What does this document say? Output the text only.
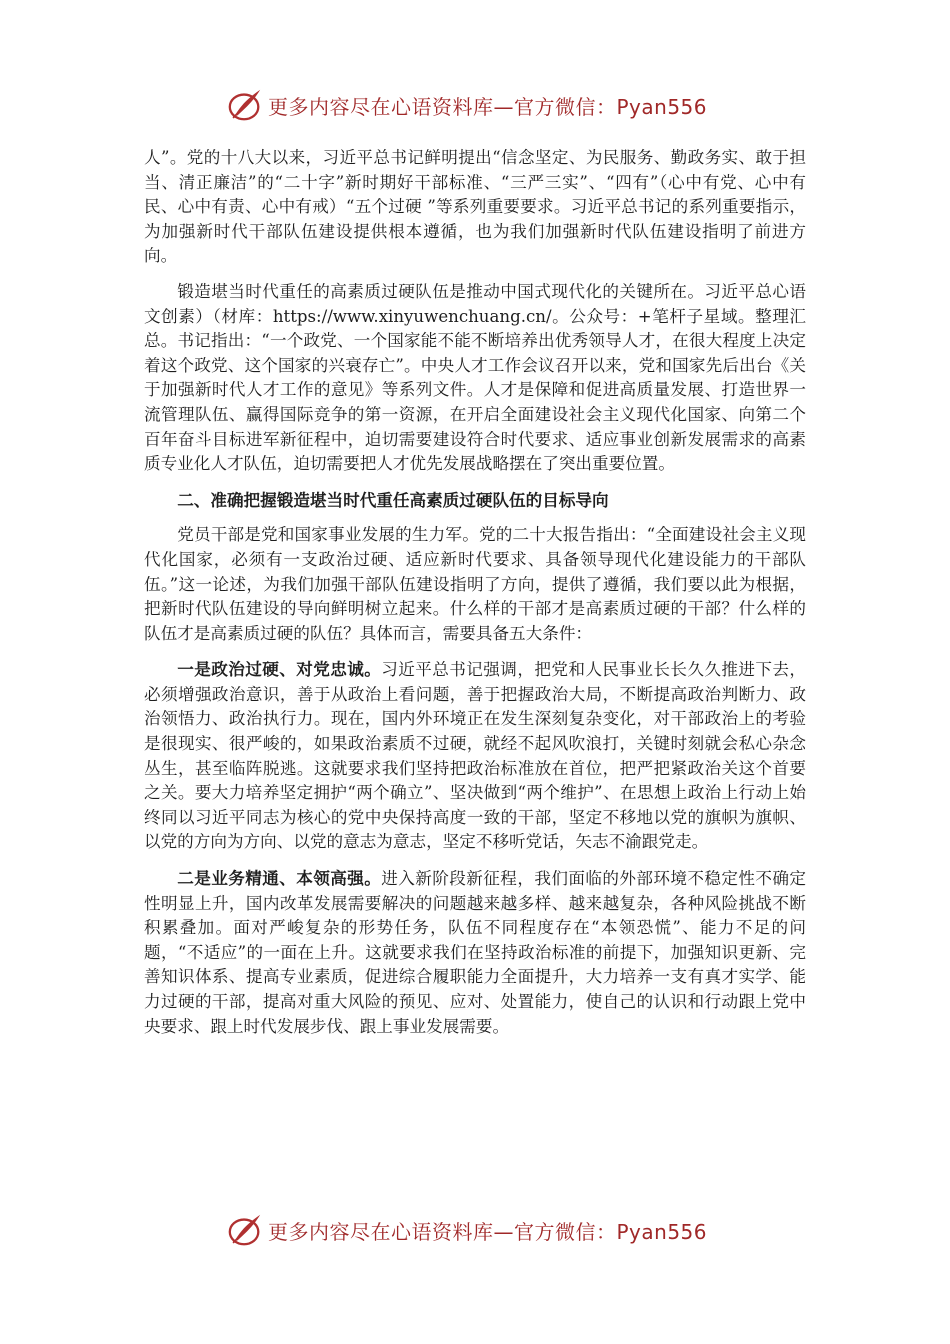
更多内容尽在心语资料库—官方微信：Pyan556

人”。党的十八大以来，习近平总书记鲜明提出“信念坚定、为民服务、勤政务实、敢于担当、清正廉洁”的“二十字”新时期好干部标准、“三严三实”、“四有”（心中有党、心中有民、心中有责、心中有戒）“五个过硬 ”等系列重要要求。习近平总书记的系列重要指示，为加强新时代干部队伍建设提供根本遵循，也为我们加强新时代队伍建设指明了前进方向。

锻造堪当时代重任的高素质过硬队伍是推动中国式现代化的关键所在。习近平总心语文创素）（材库：https://www.xinyuwenchuang.cn/。公众号：+笔杆子星域。整理汇总。书记指出：“一个政党、一个国家能不能不断培养出优秀领导人才，在很大程度上决定着这个政党、这个国家的兴衰存亡”。中央人才工作会议召开以来，党和国家先后出台《关于加强新时代人才工作的意见》等系列文件。人才是保障和促进高质量发展、打造世界一流管理队伍、赢得国际竞争的第一资源，在开启全面建设社会主义现代化国家、向第二个百年奋斗目标进军新征程中，迫切需要建设符合时代要求、适应事业创新发展需求的高素质专业化人才队伍，迫切需要把人才优先发展战略摆在了突出重要位置。

二、准确把握锻造堪当时代重任高素质过硬队伍的目标导向

党员干部是党和国家事业发展的生力军。党的二十大报告指出：“全面建设社会主义现代化国家，必须有一支政治过硬、适应新时代要求、具备领导现代化建设能力的干部队伍。”这一论述，为我们加强干部队伍建设指明了方向，提供了遵循，我们要以此为根据，把新时代队伍建设的导向鲜明树立起来。什么样的干部才是高素质过硬的干部？什么样的队伍才是高素质过硬的队伍？具体而言，需要具备五大条件：

一是政治过硬、对党忠诚。习近平总书记强调，把党和人民事业长长久久推进下去，必须增强政治意识，善于从政治上看问题，善于把握政治大局，不断提高政治判断力、政治领悟力、政治执行力。现在，国内外环境正在发生深刻复杂变化，对干部政治上的考验是很现实、很严峻的，如果政治素质不过硬，就经不起风吹浪打，关键时刻就会私心杂念丛生，甚至临阵脱逃。这就要求我们坚持把政治标准放在首位，把严把紧政治关这个首要之关。要大力培养坚定拥护“两个确立”、坚决做到“两个维护”、在思想上政治上行动上始终同以习近平同志为核心的党中央保持高度一致的干部，坚定不移地以党的旗帜为旗帜、以党的方向为方向、以党的意志为意志，坚定不移听党话，矢志不渝跟党走。

二是业务精通、本领高强。进入新阶段新征程，我们面临的外部环境不稳定性不确定性明显上升，国内改革发展需要解决的问题越来越多样、越来越复杂，各种风险挑战不断积累叠加。面对严峻复杂的形势任务，队伍不同程度存在“本领恐慌”、能力不足的问题，“不适应”的一面在上升。这就要求我们在坚持政治标准的前提下，加强知识更新、完善知识体系、提高专业素质，促进综合履职能力全面提升，大力培养一支有真才实学、能力过硬的干部，提高对重大风险的预见、应对、处置能力，使自己的认识和行动跟上党中央要求、跟上时代发展步伐、跟上事业发展需要。

更多内容尽在心语资料库—官方微信：Pyan556
